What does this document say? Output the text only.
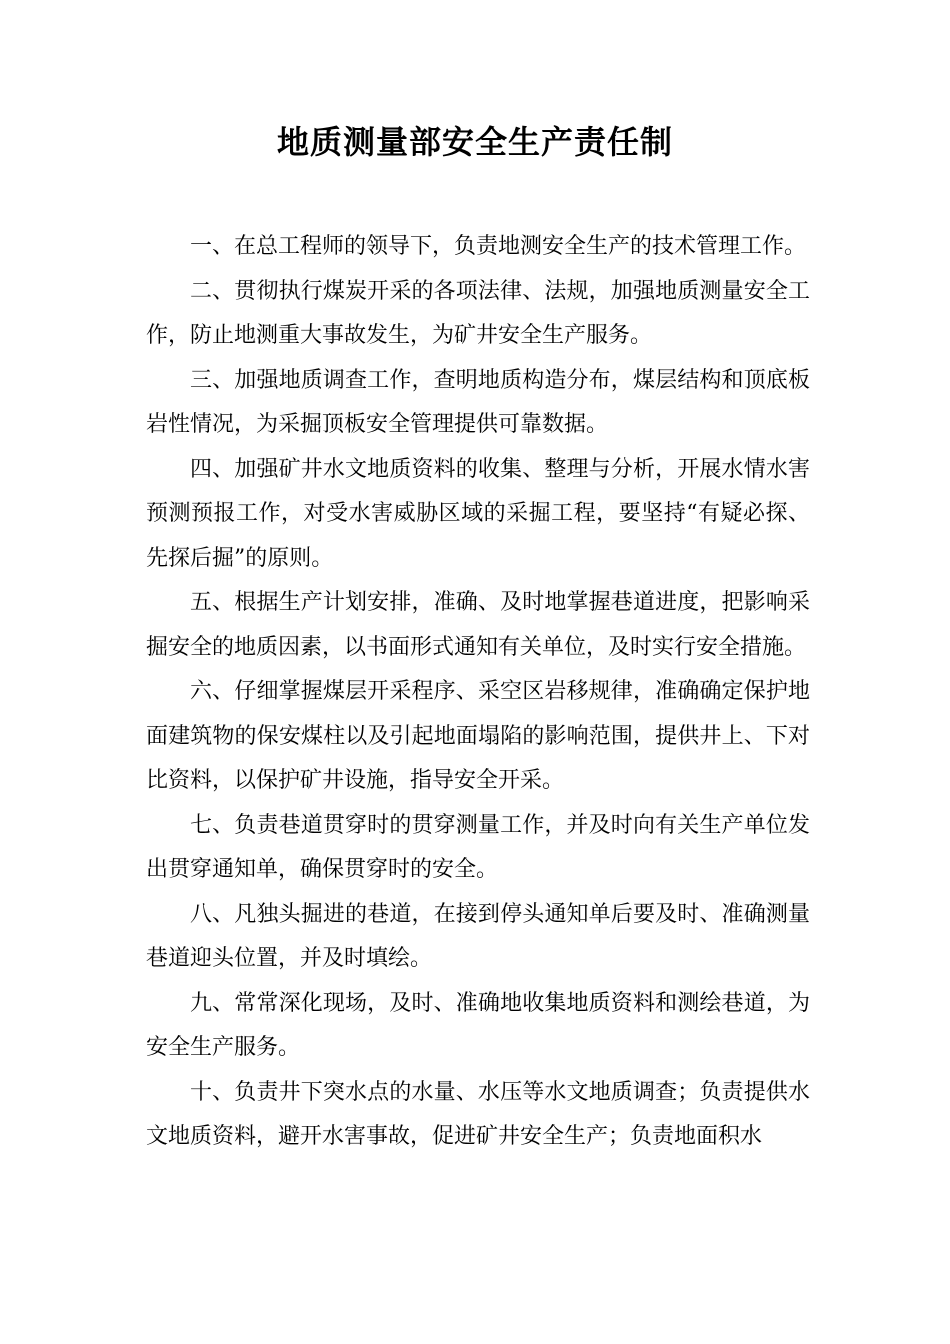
地质测量部安全生产责任制

一、在总工程师的领导下，负责地测安全生产的技术管理工作。

二、贯彻执行煤炭开采的各项法律、法规，加强地质测量安全工作，防止地测重大事故发生，为矿井安全生产服务。

三、加强地质调查工作，查明地质构造分布，煤层结构和顶底板岩性情况，为采掘顶板安全管理提供可靠数据。

四、加强矿井水文地质资料的收集、整理与分析，开展水情水害预测预报工作，对受水害威胁区域的采掘工程，要坚持“有疑必探、先探后掘”的原则。

五、根据生产计划安排，准确、及时地掌握巷道进度，把影响采掘安全的地质因素，以书面形式通知有关单位，及时实行安全措施。

六、仔细掌握煤层开采程序、采空区岩移规律，准确确定保护地面建筑物的保安煤柱以及引起地面塌陷的影响范围，提供井上、下对比资料，以保护矿井设施，指导安全开采。

七、负责巷道贯穿时的贯穿测量工作，并及时向有关生产单位发出贯穿通知单，确保贯穿时的安全。

八、凡独头掘进的巷道，在接到停头通知单后要及时、准确测量巷道迎头位置，并及时填绘。

九、常常深化现场，及时、准确地收集地质资料和测绘巷道，为安全生产服务。

十、负责井下突水点的水量、水压等水文地质调查；负责提供水文地质资料，避开水害事故，促进矿井安全生产；负责地面积水
